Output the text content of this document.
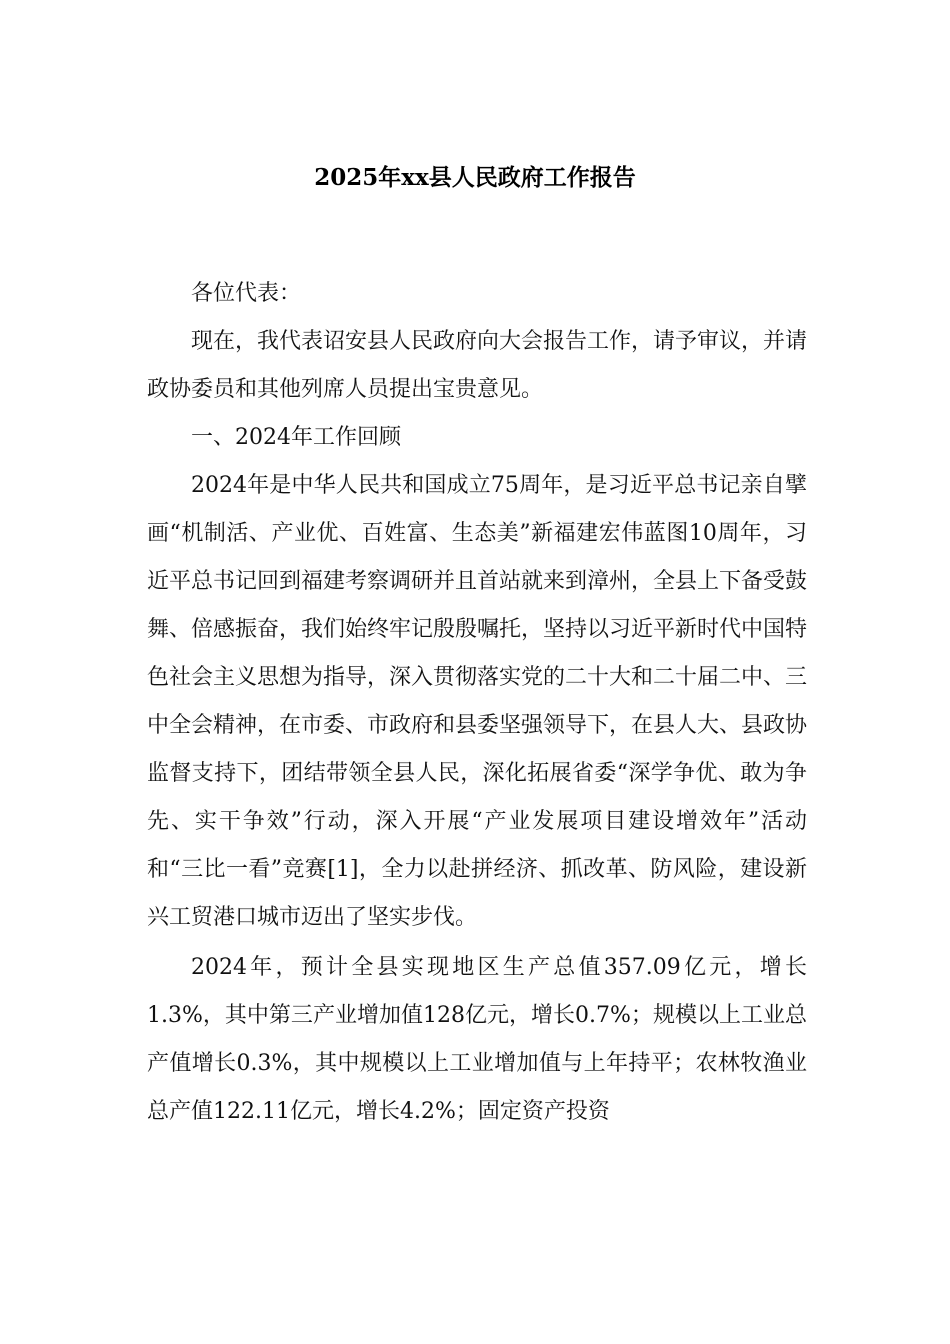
2025年xx县人民政府工作报告

各位代表：

现在，我代表诏安县人民政府向大会报告工作，请予审议，并请政协委员和其他列席人员提出宝贵意见。

一、2024年工作回顾

2024年是中华人民共和国成立75周年，是习近平总书记亲自擘画“机制活、产业优、百姓富、生态美”新福建宏伟蓝图10周年，习近平总书记回到福建考察调研并且首站就来到漳州，全县上下备受鼓舞、倍感振奋，我们始终牢记殷殷嘱托，坚持以习近平新时代中国特色社会主义思想为指导，深入贯彻落实党的二十大和二十届二中、三中全会精神，在市委、市政府和县委坚强领导下，在县人大、县政协监督支持下，团结带领全县人民，深化拓展省委“深学争优、敢为争先、实干争效”行动，深入开展“产业发展项目建设增效年”活动和“三比一看”竞赛[1]，全力以赴拼经济、抓改革、防风险，建设新兴工贸港口城市迈出了坚实步伐。

2024年，预计全县实现地区生产总值357.09亿元，增长1.3%，其中第三产业增加值128亿元，增长0.7%；规模以上工业总产值增长0.3%，其中规模以上工业增加值与上年持平；农林牧渔业总产值122.11亿元，增长4.2%；固定资产投资
